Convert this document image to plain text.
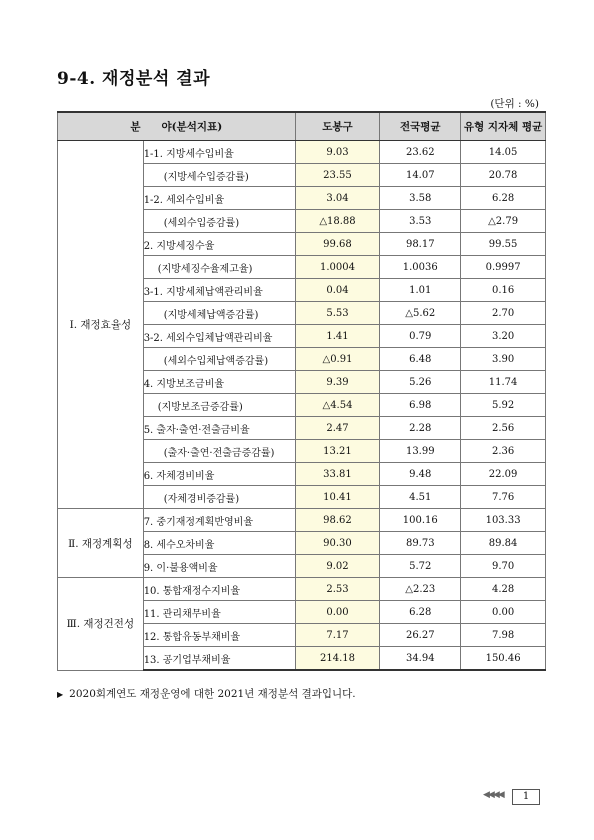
9-4. 재정분석 결과
(단위 : %)
분　　야(분석지표)		도봉구	전국평균	유형 지자체 평균
Ⅰ. 재정효율성	1-1. 지방세수입비율	9.03	23.62	14.05
	(지방세수입증감률)	23.55	14.07	20.78
	1-2. 세외수입비율	3.04	3.58	6.28
	(세외수입증감률)	△18.88	3.53	△2.79
	2. 지방세징수율	99.68	98.17	99.55
	(지방세징수율제고율)	1.0004	1.0036	0.9997
	3-1. 지방세체납액관리비율	0.04	1.01	0.16
	(지방세체납액증감률)	5.53	△5.62	2.70
	3-2. 세외수입체납액관리비율	1.41	0.79	3.20
	(세외수입체납액증감률)	△0.91	6.48	3.90
	4. 지방보조금비율	9.39	5.26	11.74
	(지방보조금증감률)	△4.54	6.98	5.92
	5. 출자·출연·전출금비율	2.47	2.28	2.56
	(출자·출연·전출금증감률)	13.21	13.99	2.36
	6. 자체경비비율	33.81	9.48	22.09
	(자체경비증감률)	10.41	4.51	7.76
Ⅱ. 재정계획성	7. 중기재정계획반영비율	98.62	100.16	103.33
	8. 세수오차비율	90.30	89.73	89.84
	9. 이·불용액비율	9.02	5.72	9.70
Ⅲ. 재정건전성	10. 통합재정수지비율	2.53	△2.23	4.28
	11. 관리채무비율	0.00	6.28	0.00
	12. 통합유동부채비율	7.17	26.27	7.98
	13. 공기업부채비율	214.18	34.94	150.46
▶ 2020회계연도 재정운영에 대한 2021년 재정분석 결과입니다.
◀◀◀◀	1
